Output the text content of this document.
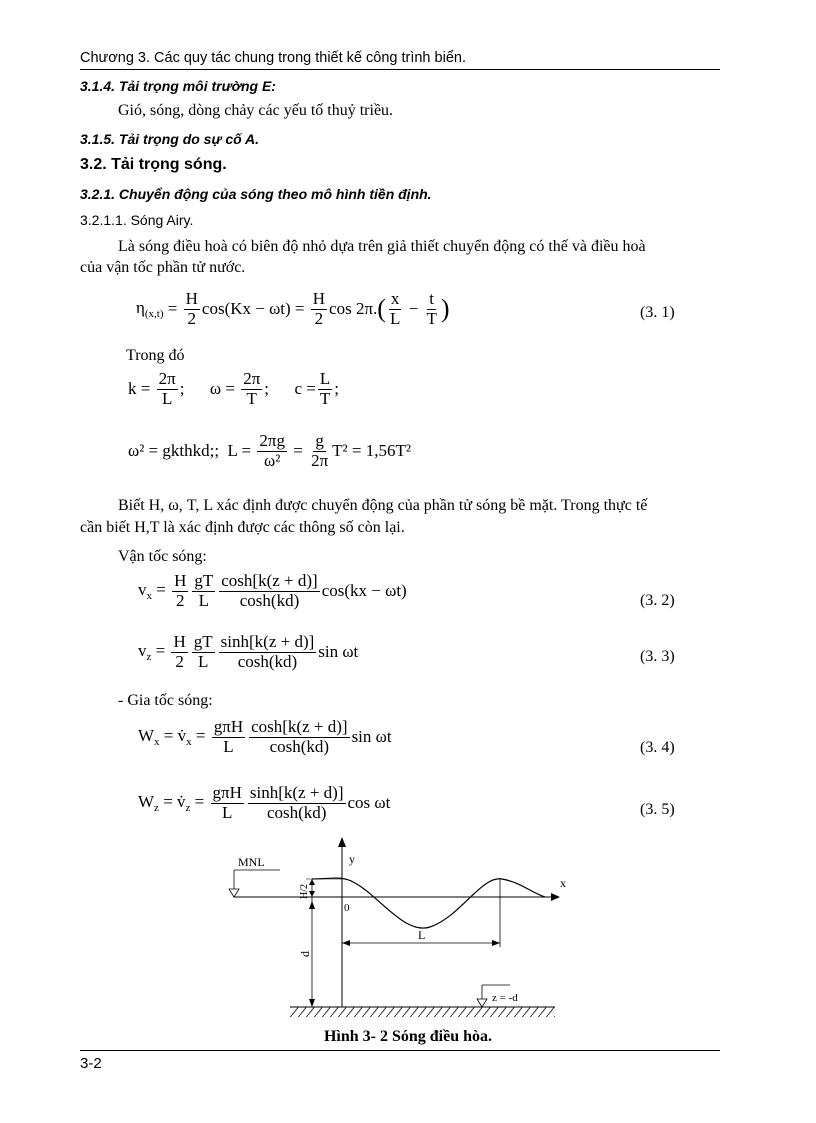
Chương 3. Các quy tác chung trong thiết kế công trình biển.
3.1.4. Tải trọng môi trường E:
Gió, sóng, dòng chảy các yếu tố thuỷ triều.
3.1.5. Tải trọng do sự cố A.
3.2. Tải trọng sóng.
3.2.1. Chuyển động của sóng theo mô hình tiền định.
3.2.1.1. Sóng Airy.
Là sóng điều hoà có biên độ nhỏ dựa trên giả thiết chuyển động có thế và điều hoà
của vận tốc phần tử nước.
$\eta_{(x,t)} = \frac{H}{2} \cos(Kx - \omega t) = \frac{H}{2}$ cos 2π. ( $\frac{x}{L} - \frac{t}{T}$ )	(3. 1)
Trong đó
$k = \frac{2\pi}{L}$ ;      $\omega = \frac{2\pi}{T}$ ;      $c = \frac{L}{T}$ ;
ω² = gkthkd;; $L = \frac{2\pi g}{\text{ω²}} = \frac{g}{2\pi} T^2 = 1,56T^2$
Biết H, ω, T, L xác định được chuyển động của phần tử sóng bề mặt. Trong thực tế
cần biết H,T là xác định được các thông số còn lại.
Vận tốc sóng:
$v_x = \frac{H}{2} \frac{gT}{L} \frac{\cosh[k(z + d)]}{\cosh(kd)} \cos(kx - \omega t)$
(3. 2)
$v_z = \frac{H}{2} \frac{gT}{L} \frac{\sinh[k(z + d)]}{\cosh(kd)}$ sin ωt	(3. 3)
- Gia tốc sóng:
$W_x$ = $v̇_x = \frac{\text{gπH}}{L} \frac{\cosh[k(z + d)]}{\cosh(kd)}$ sin ωt
(3. 4)
$W_z$ = $v̇_z = \frac{\text{gπH}}{L} \frac{\sinh[k(z + d)]}{\cosh(kd)}$ cos ωt	(3. 5)
MNL	y
x
0
L
H/2
d
z = -d
Hình 3- 2 Sóng điều hòa.
3-2
